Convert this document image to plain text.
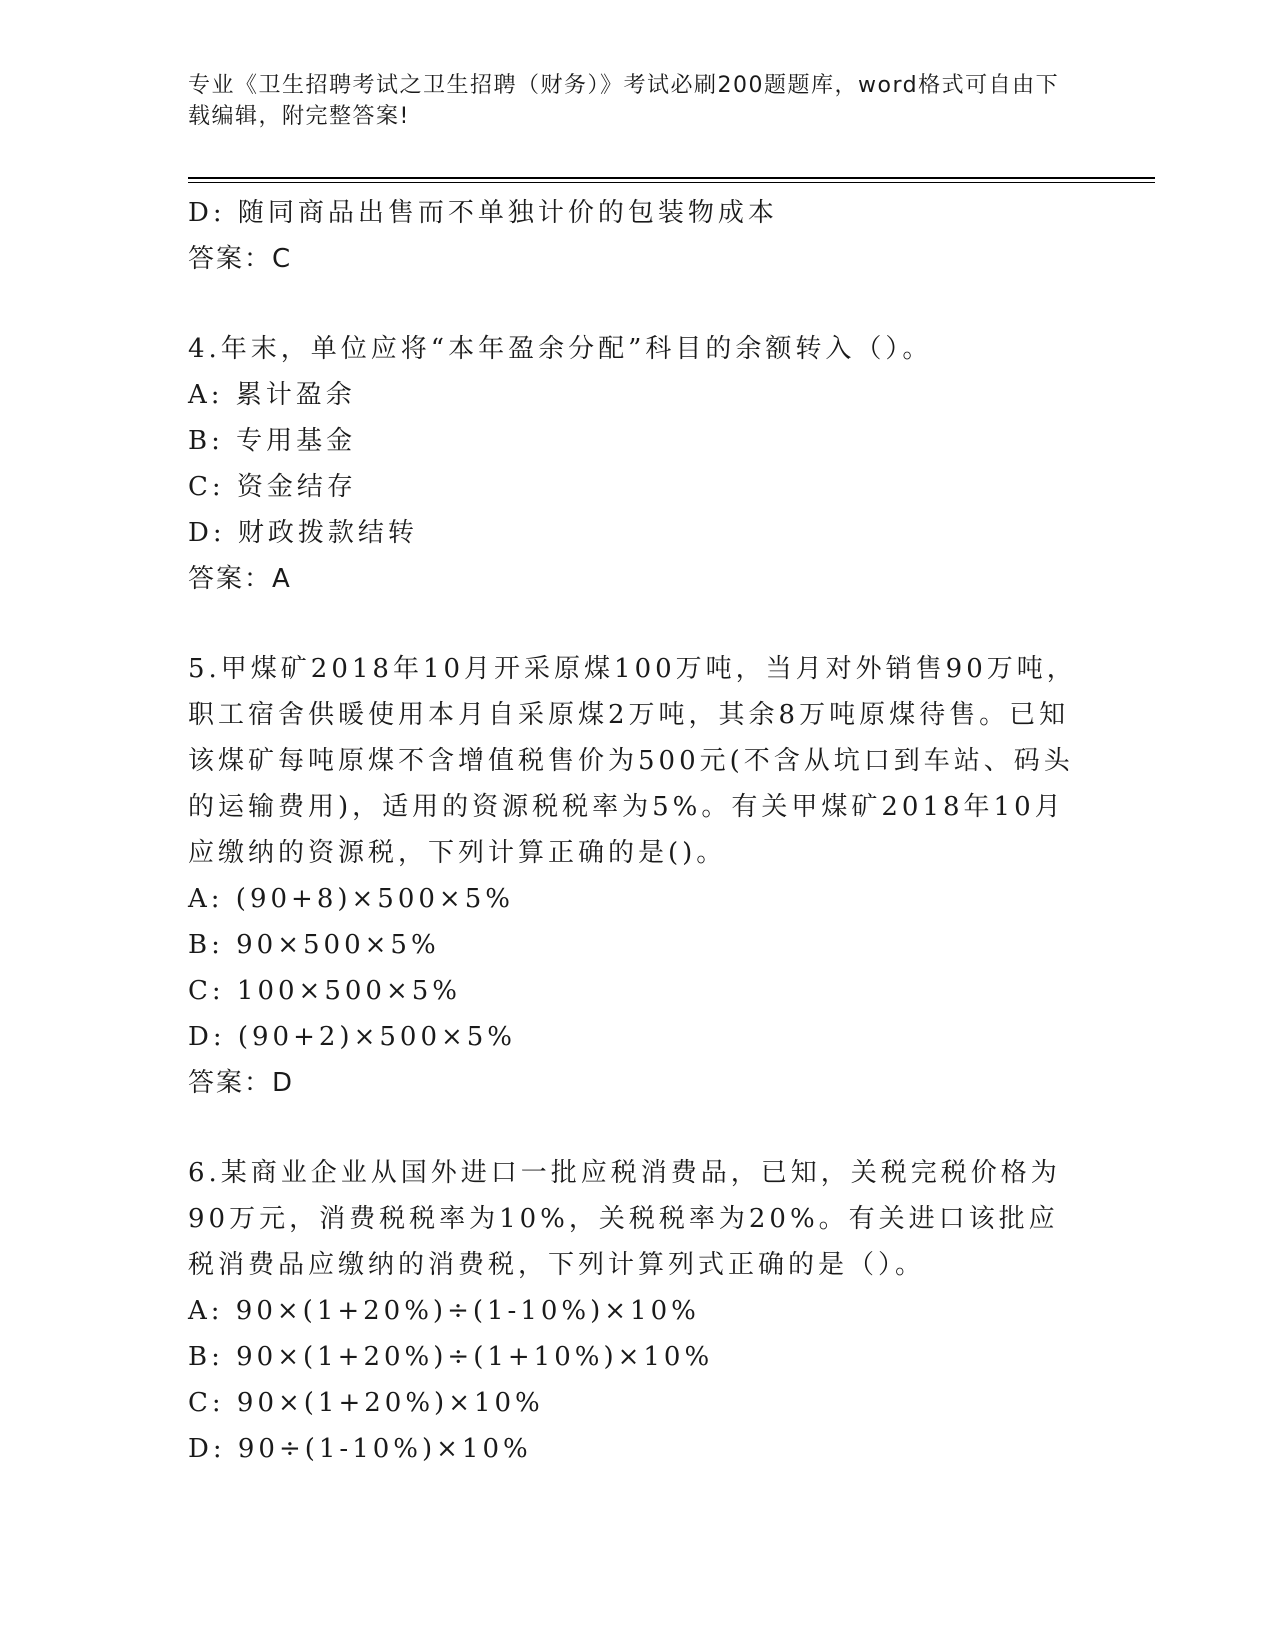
专业《卫生招聘考试之卫生招聘（财务）》考试必刷200题题库，word格式可自由下载编辑，附完整答案!
D: 随同商品出售而不单独计价的包装物成本
答案：C
4.年末，单位应将“本年盈余分配”科目的余额转入（）。
A: 累计盈余
B: 专用基金
C: 资金结存
D: 财政拨款结转
答案：A
5.甲煤矿2018年10月开采原煤100万吨，当月对外销售90万吨，职工宿舍供暖使用本月自采原煤2万吨，其余8万吨原煤待售。已知该煤矿每吨原煤不含增值税售价为500元(不含从坑口到车站、码头的运输费用)，适用的资源税税率为5%。有关甲煤矿2018年10月应缴纳的资源税，下列计算正确的是()。
A: (90+8)×500×5%
B: 90×500×5%
C: 100×500×5%
D: (90+2)×500×5%
答案：D
6.某商业企业从国外进口一批应税消费品，已知，关税完税价格为90万元，消费税税率为10%，关税税率为20%。有关进口该批应税消费品应缴纳的消费税，下列计算列式正确的是（）。
A: 90×(1+20%)÷(1-10%)×10%
B: 90×(1+20%)÷(1+10%)×10%
C: 90×(1+20%)×10%
D: 90÷(1-10%)×10%
